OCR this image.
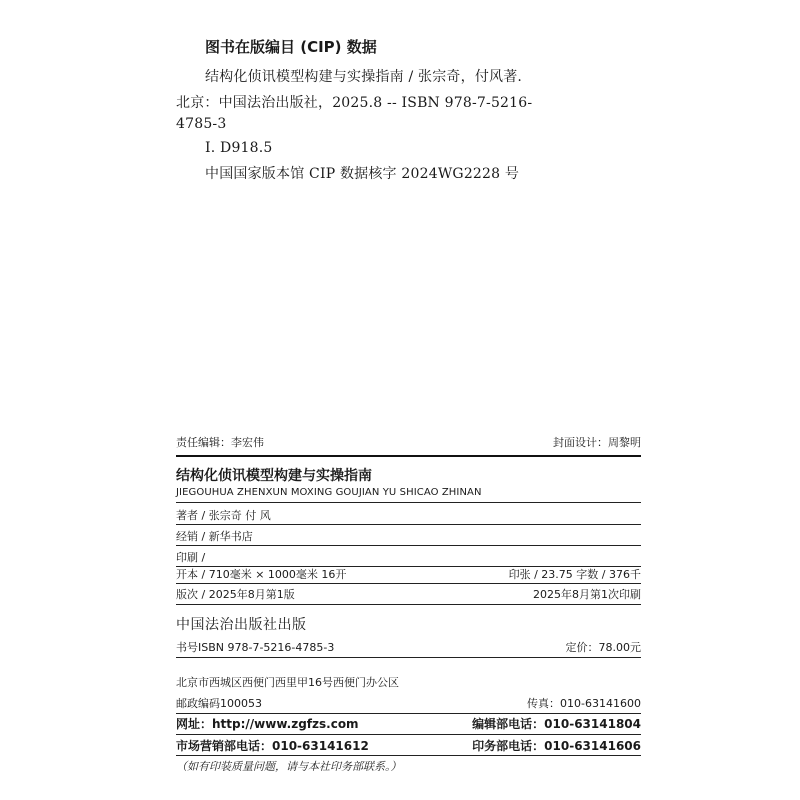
图书在版编目 (CIP) 数据
结构化侦讯模型构建与实操指南 / 张宗奇，付风著.
北京：中国法治出版社，2025.8 -- ISBN 978-7-5216-
4785-3
Ⅰ. D918.5
中国国家版本馆 CIP 数据核字 2024WG2228 号
责任编辑：李宏伟	封面设计：周黎明
结构化侦讯模型构建与实操指南
JIEGOUHUA ZHENXUN MOXING GOUJIAN YU SHICAO ZHINAN
著者 / 张宗奇 付 风
经销 / 新华书店
印刷 /
开本 / 710毫米 × 1000毫米 16开	印张 / 23.75 字数 / 376千
版次 / 2025年8月第1版	2025年8月第1次印刷
中国法治出版社出版
书号ISBN 978-7-5216-4785-3	定价：78.00元
北京市西城区西便门西里甲16号西便门办公区
邮政编码100053	传真：010-63141600
网址：http://www.zgfzs.com	编辑部电话：010-63141804
市场营销部电话：010-63141612	印务部电话：010-63141606
（如有印装质量问题，请与本社印务部联系。）
